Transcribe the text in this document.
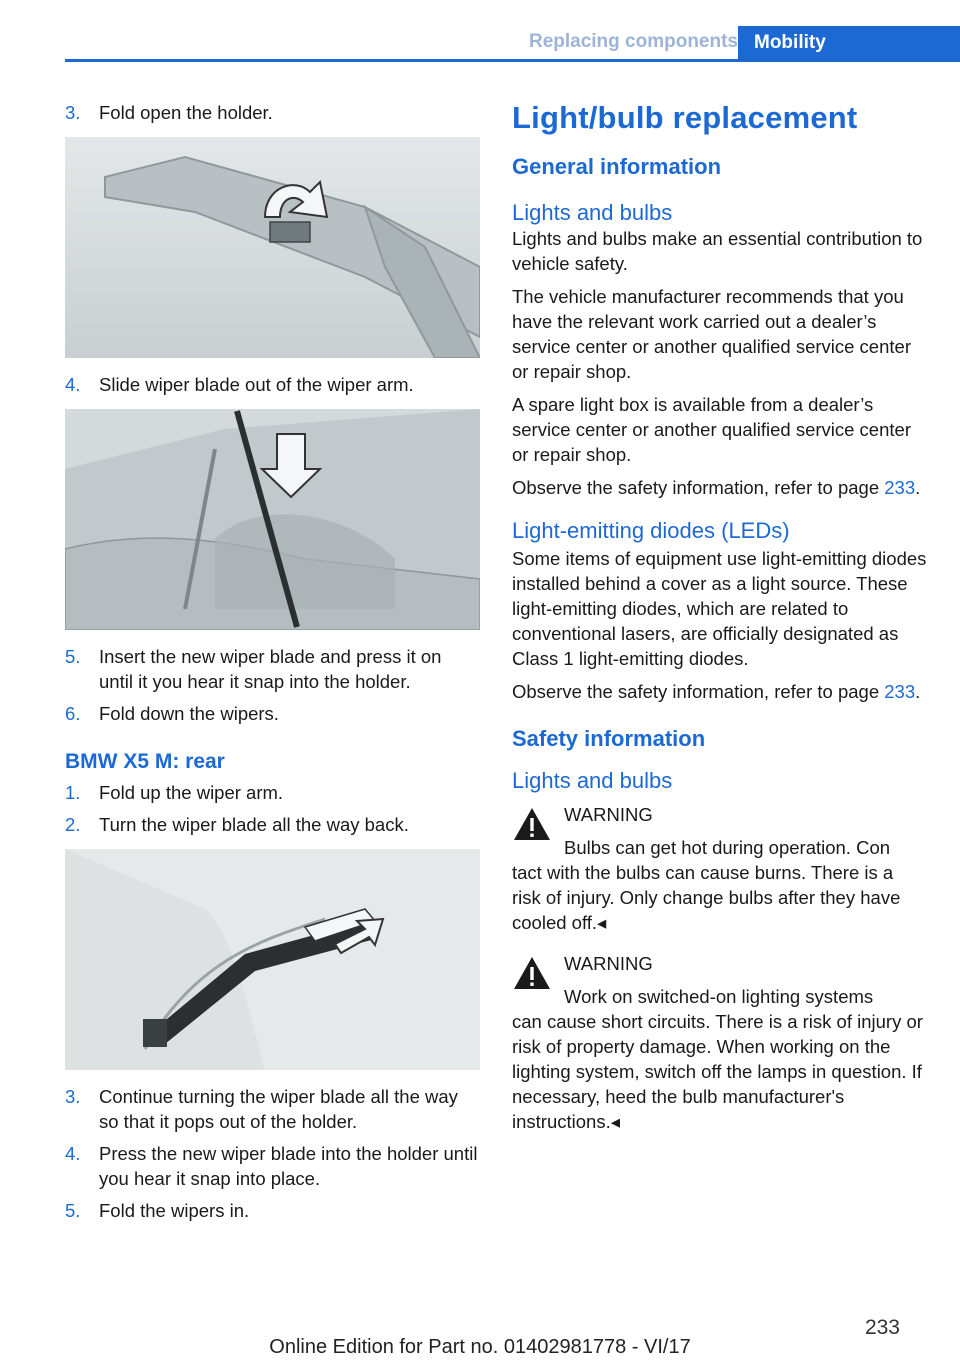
Replacing components Mobility
3.	Fold open the holder.
4.	Slide wiper blade out of the wiper arm.
5.	Insert the new wiper blade and press it on until it you hear it snap into the holder.
6.	Fold down the wipers.
BMW X5 M: rear
1.	Fold up the wiper arm.
2.	Turn the wiper blade all the way back.
3.	Continue turning the wiper blade all the way so that it pops out of the holder.
4.	Press the new wiper blade into the holder until you hear it snap into place.
5.	Fold the wipers in.
Light/bulb replacement
General information
Lights and bulbs
Lights and bulbs make an essential contribution to vehicle safety.
The vehicle manufacturer recommends that you have the relevant work carried out a dealer’s service center or another qualified service center or repair shop.
A spare light box is available from a dealer’s service center or another qualified service center or repair shop.
Observe the safety information, refer to page 233.
Light-emitting diodes (LEDs)
Some items of equipment use light-emitting diodes installed behind a cover as a light source. These light-emitting diodes, which are related to conventional lasers, are officially designated as Class 1 light-emitting diodes.
Observe the safety information, refer to page 233.
Safety information
Lights and bulbs
WARNING
Bulbs can get hot during operation. Con
tact with the bulbs can cause burns. There is a risk of injury. Only change bulbs after they have cooled off.◂
WARNING
Work on switched-on lighting systems
can cause short circuits. There is a risk of injury or risk of property damage. When working on the lighting system, switch off the lamps in question. If necessary, heed the bulb manufacturer's instructions.◂
233
Online Edition for Part no. 01402981778 - VI/17
